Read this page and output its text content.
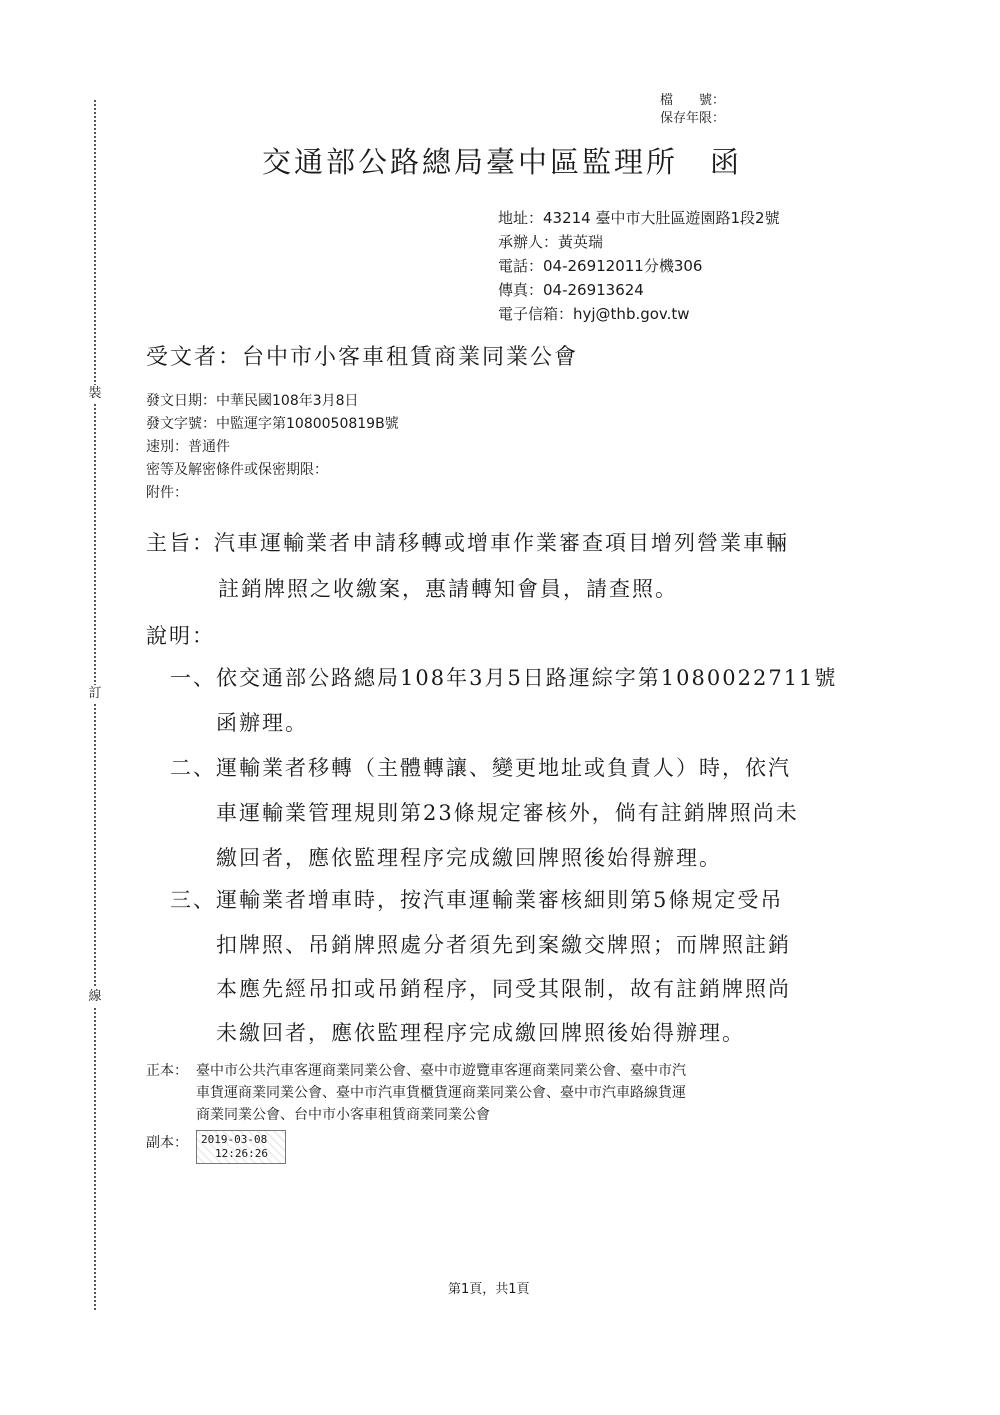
裝
訂
線
檔　　號：
保存年限：
交通部公路總局臺中區監理所　函
地址：43214 臺中市大肚區遊園路1段2號
承辦人：黃英瑞
電話：04-26912011分機306
傳真：04-26913624
電子信箱：hyj@thb.gov.tw
受文者：台中市小客車租賃商業同業公會
發文日期：中華民國108年3月8日
發文字號：中監運字第1080050819B號
速別：普通件
密等及解密條件或保密期限：
附件：
主旨： 汽車運輸業者申請移轉或增車作業審查項目增列營業車輛
註銷牌照之收繳案，惠請轉知會員，請查照。
說明：
一、 依交通部公路總局108年3月5日路運綜字第1080022711號
函辦理。
二、 運輸業者移轉（主體轉讓、變更地址或負責人）時，依汽
車運輸業管理規則第23條規定審核外，倘有註銷牌照尚未
繳回者，應依監理程序完成繳回牌照後始得辦理。
三、 運輸業者增車時，按汽車運輸業審核細則第5條規定受吊
扣牌照、吊銷牌照處分者須先到案繳交牌照；而牌照註銷
本應先經吊扣或吊銷程序，同受其限制，故有註銷牌照尚
未繳回者，應依監理程序完成繳回牌照後始得辦理。
正本： 臺中市公共汽車客運商業同業公會、臺中市遊覽車客運商業同業公會、臺中市汽
車貨運商業同業公會、臺中市汽車貨櫃貨運商業同業公會、臺中市汽車路線貨運
商業同業公會、台中市小客車租賃商業同業公會
副本： 2019-03-08
12:26:26
第1頁，共1頁
